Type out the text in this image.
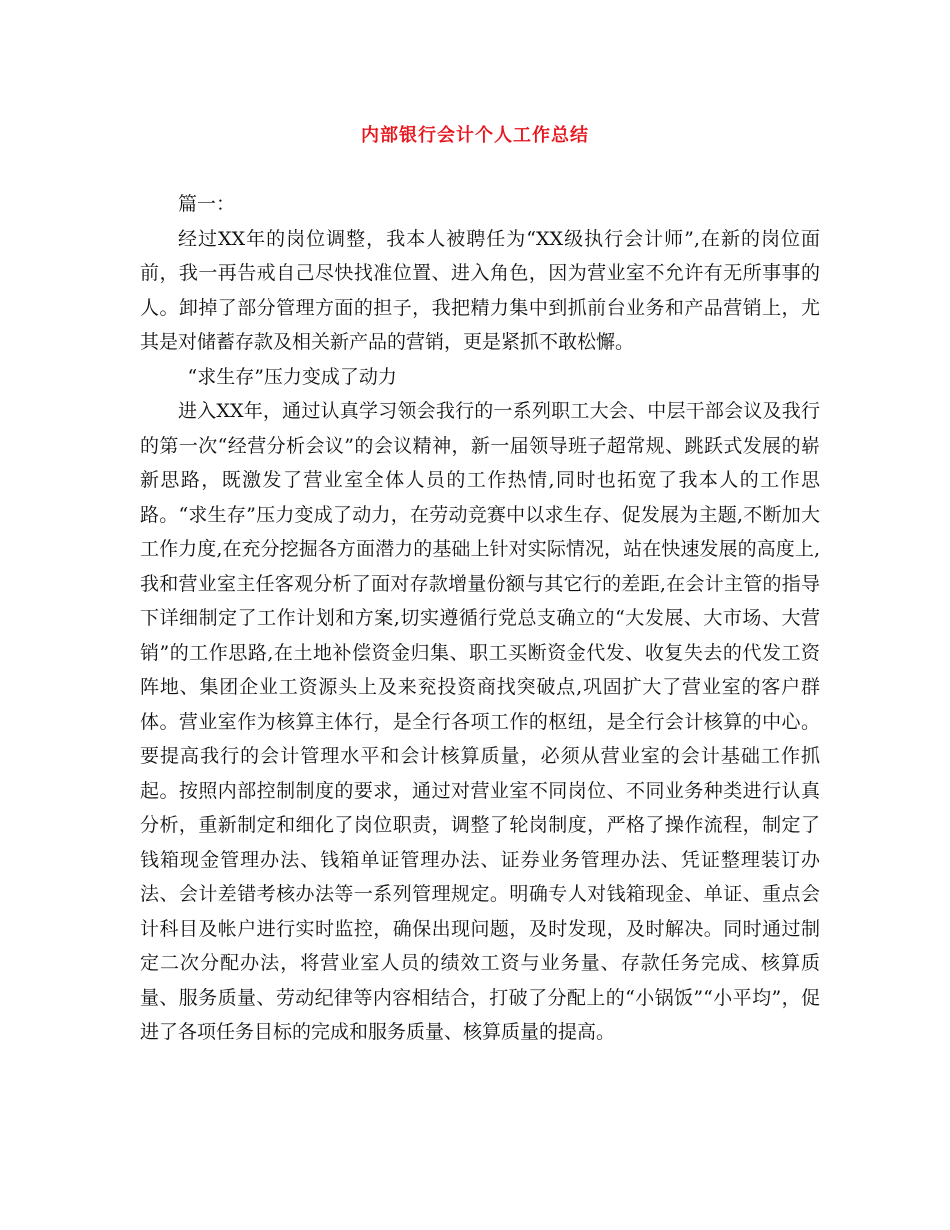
内部银行会计个人工作总结

篇一：

经过XX年的岗位调整，我本人被聘任为“XX级执行会计师”,在新的岗位面前，我一再告戒自己尽快找准位置、进入角色，因为营业室不允许有无所事事的人。卸掉了部分管理方面的担子，我把精力集中到抓前台业务和产品营销上，尤其是对储蓄存款及相关新产品的营销，更是紧抓不敢松懈。

“求生存”压力变成了动力

进入XX年，通过认真学习领会我行的一系列职工大会、中层干部会议及我行的第一次“经营分析会议”的会议精神，新一届领导班子超常规、跳跃式发展的崭新思路，既激发了营业室全体人员的工作热情,同时也拓宽了我本人的工作思路。“求生存”压力变成了动力，在劳动竞赛中以求生存、促发展为主题,不断加大工作力度,在充分挖掘各方面潜力的基础上针对实际情况，站在快速发展的高度上,我和营业室主任客观分析了面对存款增量份额与其它行的差距,在会计主管的指导下详细制定了工作计划和方案,切实遵循行党总支确立的“大发展、大市场、大营销”的工作思路,在土地补偿资金归集、职工买断资金代发、收复失去的代发工资阵地、集团企业工资源头上及来兖投资商找突破点,巩固扩大了营业室的客户群体。营业室作为核算主体行，是全行各项工作的枢纽，是全行会计核算的中心。要提高我行的会计管理水平和会计核算质量，必须从营业室的会计基础工作抓起。按照内部控制制度的要求，通过对营业室不同岗位、不同业务种类进行认真分析，重新制定和细化了岗位职责，调整了轮岗制度，严格了操作流程，制定了钱箱现金管理办法、钱箱单证管理办法、证券业务管理办法、凭证整理装订办法、会计差错考核办法等一系列管理规定。明确专人对钱箱现金、单证、重点会计科目及帐户进行实时监控，确保出现问题，及时发现，及时解决。同时通过制定二次分配办法，将营业室人员的绩效工资与业务量、存款任务完成、核算质量、服务质量、劳动纪律等内容相结合，打破了分配上的“小锅饭”“小平均”，促进了各项任务目标的完成和服务质量、核算质量的提高。
